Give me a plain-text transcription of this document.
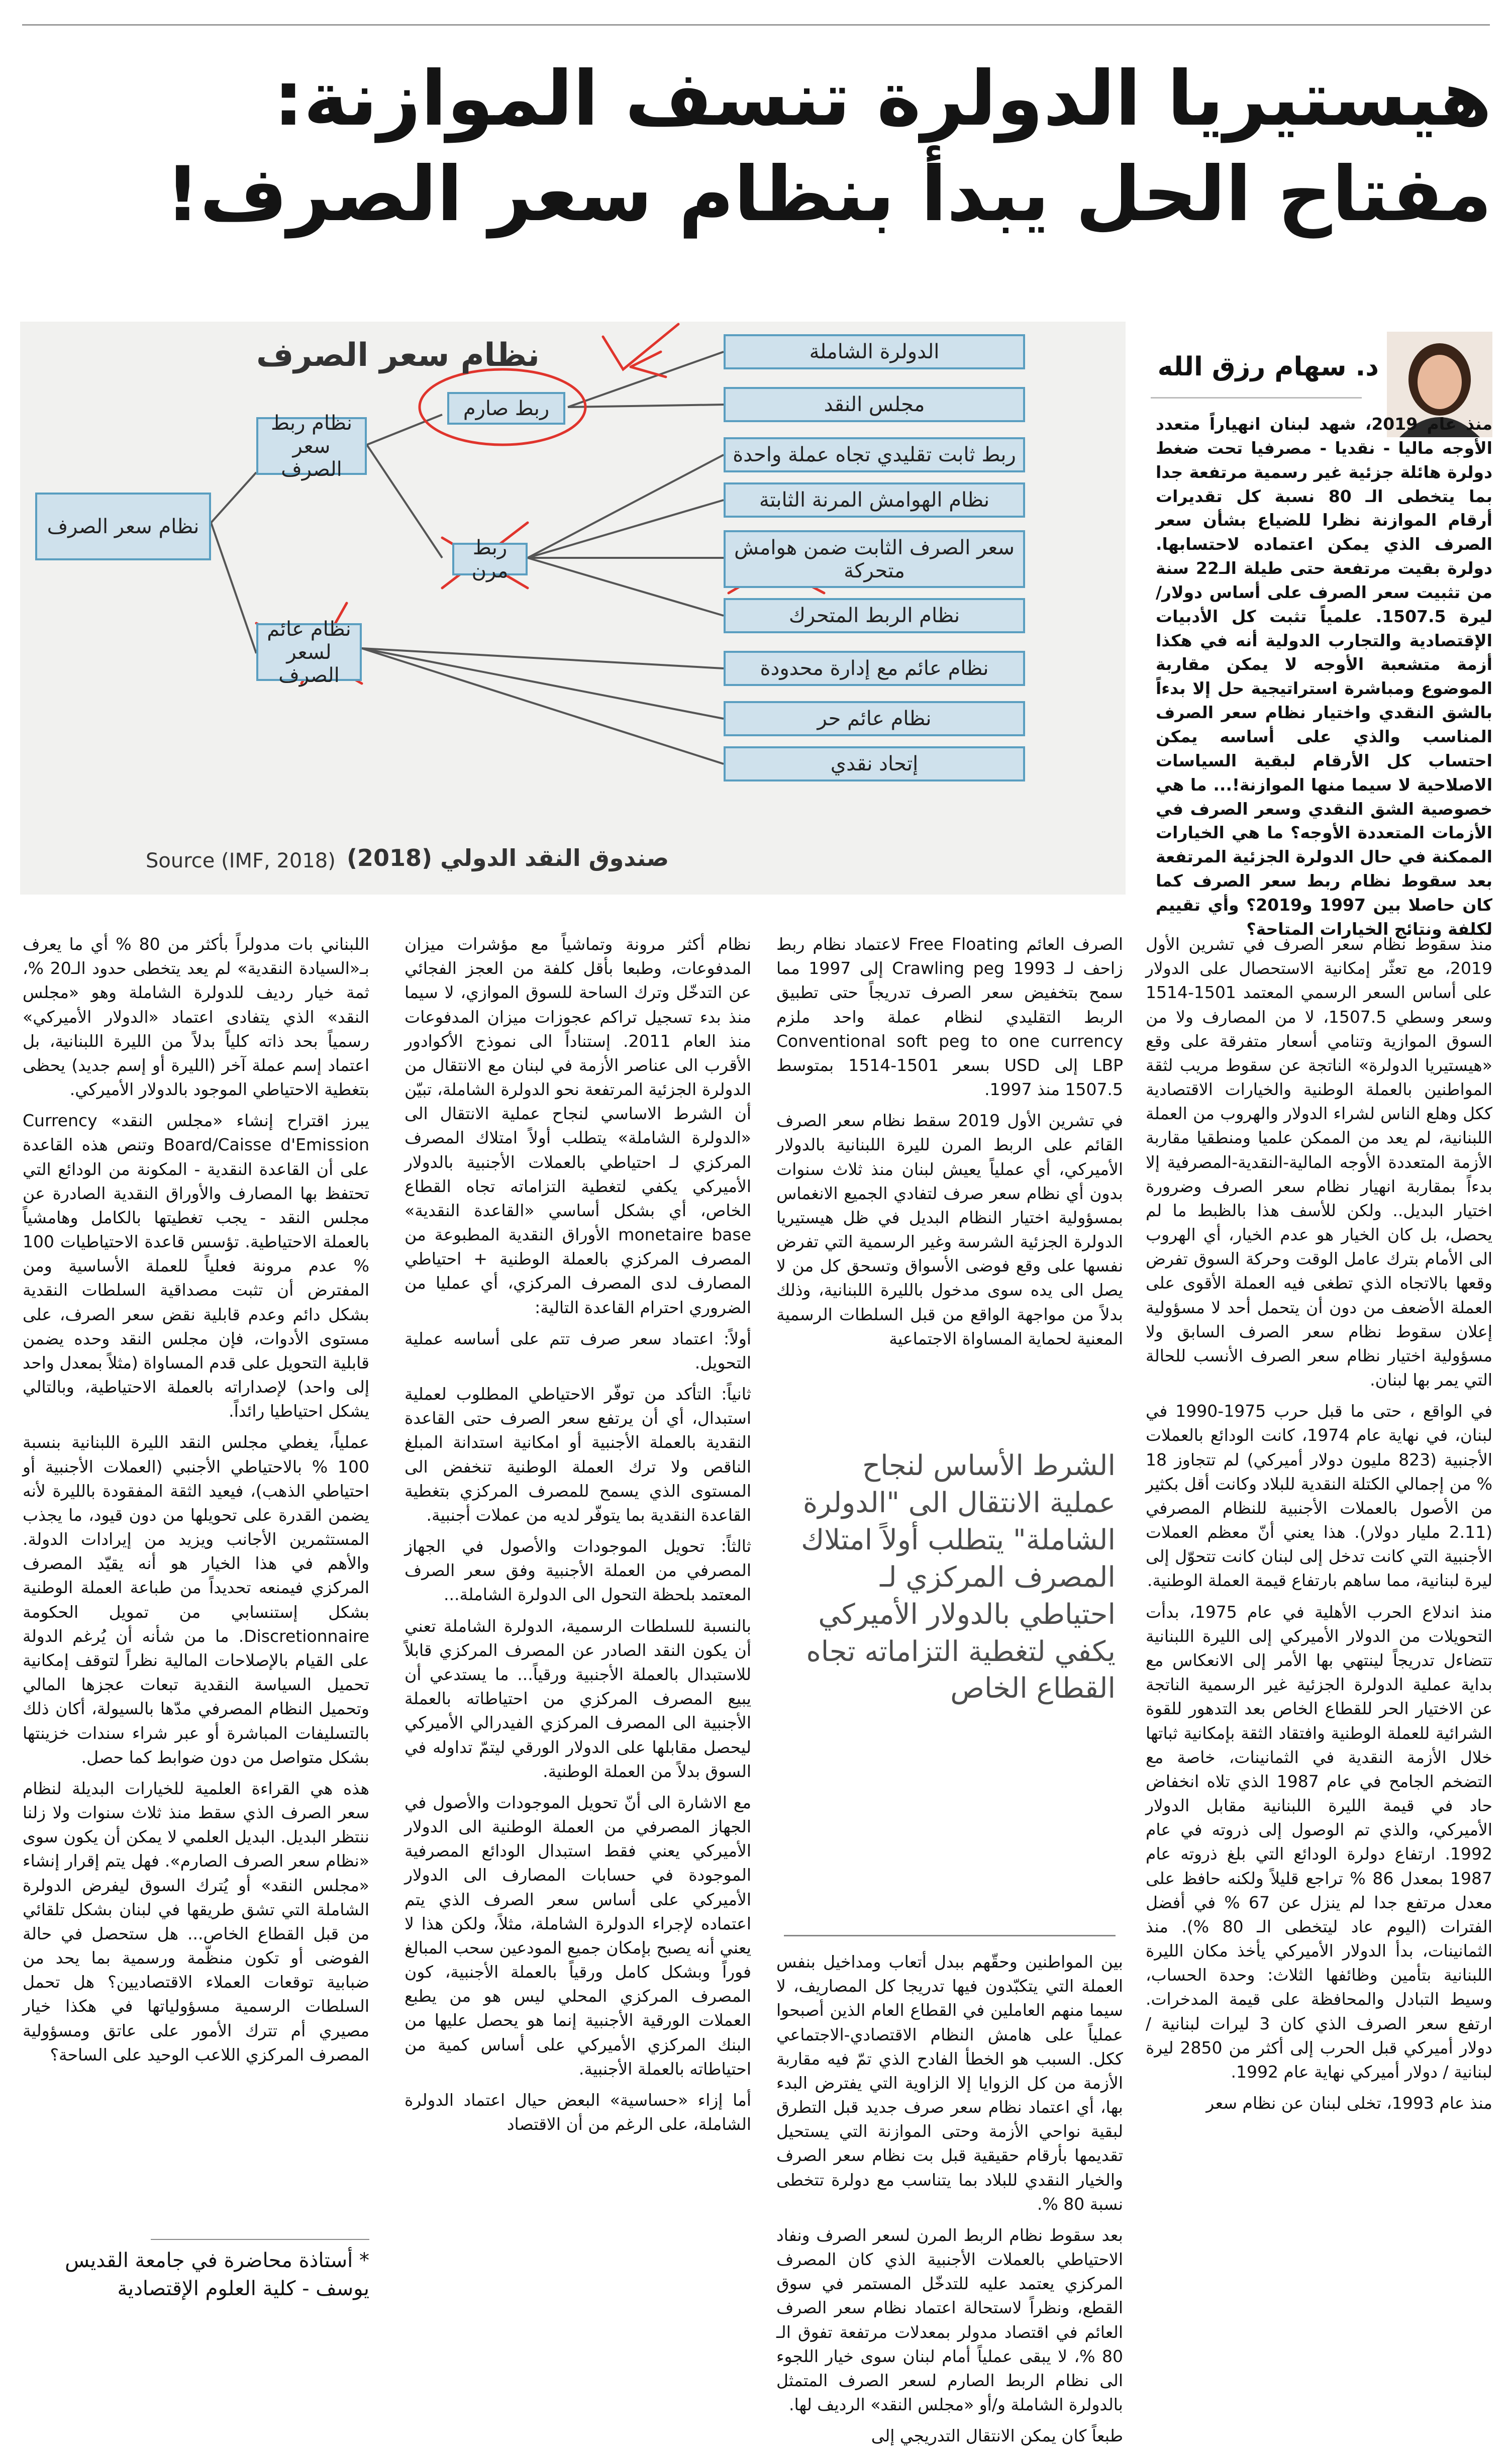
هيستيريا الدولرة تنسف الموازنة:
مفتاح الحل يبدأ بنظام سعر الصرف!
نظام سعر الصرف
نظام سعر الصرف
نظام ربط سعر الصرف
نظام عائم لسعر الصرف
ربط صارم
ربط مرن
الدولرة الشاملة
مجلس النقد
ربط ثابت تقليدي تجاه عملة واحدة
نظام الهوامش المرنة الثابتة
سعر الصرف الثابت ضمن هوامش متحركة
نظام الربط المتحرك
نظام عائم مع إدارة محدودة
نظام عائم حر
إتحاد نقدي
صندوق النقد الدولي (2018)
Source (IMF, 2018)
د. سهام رزق الله
منذ عام 2019، شهد لبنان انهياراً متعدد الأوجه ماليا - نقديا - مصرفيا تحت ضغط دولرة هائلة جزئية غير رسمية مرتفعة جدا بما يتخطى الـ 80 نسبة كل تقديرات أرقام الموازنة نظرا للضياع بشأن سعر الصرف الذي يمكن اعتماده لاحتسابها. دولرة بقيت مرتفعة حتى طيلة الـ22 سنة من تثبيت سعر الصرف على أساس دولار/ليرة 1507.5. علمياً تثبت كل الأدبيات الإقتصادية والتجارب الدولية أنه في هكذا أزمة متشعبة الأوجه لا يمكن مقاربة الموضوع ومباشرة استراتيجية حل إلا بدءاً بالشق النقدي واختيار نظام سعر الصرف المناسب والذي على أساسه يمكن احتساب كل الأرقام لبقية السياسات الاصلاحية لا سيما منها الموازنة!... ما هي خصوصية الشق النقدي وسعر الصرف في الأزمات المتعددة الأوجه؟ ما هي الخيارات الممكنة في حال الدولرة الجزئية المرتفعة بعد سقوط نظام ربط سعر الصرف كما كان حاصلا بين 1997 و2019؟ وأي تقييم لكلفة ونتائج الخيارات المتاحة؟

منذ سقوط نظام سعر الصرف في تشرين الأول 2019، مع تعثّر إمكانية الاستحصال على الدولار على أساس السعر الرسمي المعتمد 1501-1514 وسعر وسطي 1507.5، لا من المصارف ولا من السوق الموازية وتنامي أسعار متفرقة على وقع «هيستيريا الدولرة» الناتجة عن سقوط مريب لثقة المواطنين بالعملة الوطنية والخيارات الاقتصادية ككل وهلع الناس لشراء الدولار والهروب من العملة اللبنانية، لم يعد من الممكن علميا ومنطقيا مقاربة الأزمة المتعددة الأوجه المالية-النقدية-المصرفية إلا بدءاً بمقاربة انهيار نظام سعر الصرف وضرورة اختيار البديل.. ولكن للأسف هذا بالظبط ما لم يحصل، بل كان الخيار هو عدم الخيار، أي الهروب الى الأمام بترك عامل الوقت وحركة السوق تفرض وقعها بالاتجاه الذي تطغى فيه العملة الأقوى على العملة الأضعف من دون أن يتحمل أحد لا مسؤولية إعلان سقوط نظام سعر الصرف السابق ولا مسؤولية اختيار نظام سعر الصرف الأنسب للحالة التي يمر بها لبنان.

في الواقع ، حتى ما قبل حرب 1975-1990 في لبنان، في نهاية عام 1974، كانت الودائع بالعملات الأجنبية (823 مليون دولار أميركي) لم تتجاوز 18 % من إجمالي الكتلة النقدية للبلاد وكانت أقل بكثير من الأصول بالعملات الأجنبية للنظام المصرفي (2.11 مليار دولار). هذا يعني أنّ معظم العملات الأجنبية التي كانت تدخل إلى لبنان كانت تتحوّل إلى ليرة لبنانية، مما ساهم بارتفاع قيمة العملة الوطنية.

منذ اندلاع الحرب الأهلية في عام 1975، بدأت التحويلات من الدولار الأميركي إلى الليرة اللبنانية تتضاءل تدريجاً لينتهي بها الأمر إلى الانعكاس مع بداية عملية الدولرة الجزئية غير الرسمية الناتجة عن الاختيار الحر للقطاع الخاص بعد التدهور للقوة الشرائية للعملة الوطنية وافتقاد الثقة بإمكانية ثباتها خلال الأزمة النقدية في الثمانينات، خاصة مع التضخم الجامح في عام 1987 الذي تلاه انخفاض حاد في قيمة الليرة اللبنانية مقابل الدولار الأميركي، والذي تم الوصول إلى ذروته في عام 1992. ارتفاع دولرة الودائع التي بلغ ذروته عام 1987 بمعدل 86 % تراجع قليلاً ولكنه حافظ على معدل مرتفع جدا لم ينزل عن 67 % في أفضل الفترات (اليوم عاد ليتخطى الـ 80 %). منذ الثمانينات، بدأ الدولار الأميركي يأخذ مكان الليرة اللبنانية بتأمين وظائفها الثلاث: وحدة الحساب، وسيط التبادل والمحافظة على قيمة المدخرات. ارتفع سعر الصرف الذي كان 3 ليرات لبنانية / دولار أميركي قبل الحرب إلى أكثر من 2850 ليرة لبنانية / دولار أميركي نهاية عام 1992.

منذ عام 1993، تخلى لبنان عن نظام سعر

الصرف العائم Free Floating لاعتماد نظام ربط زاحف لـ Crawling peg 1993 إلى 1997 مما سمح بتخفيض سعر الصرف تدريجاً حتى تطبيق الربط التقليدي لنظام عملة واحد ملزم Conventional soft peg to one currency LBP إلى USD بسعر 1501-1514 بمتوسط 1507.5 منذ 1997.

في تشرين الأول 2019 سقط نظام سعر الصرف القائم على الربط المرن لليرة اللبنانية بالدولار الأميركي، أي عملياً يعيش لبنان منذ ثلاث سنوات بدون أي نظام سعر صرف لتفادي الجميع الانغماس بمسؤولية اختيار النظام البديل في ظل هيستيريا الدولرة الجزئية الشرسة وغير الرسمية التي تفرض نفسها على وقع فوضى الأسواق وتسحق كل من لا يصل الى يده سوى مدخول بالليرة اللبنانية، وذلك بدلاً من مواجهة الواقع من قبل السلطات الرسمية المعنية لحماية المساواة الاجتماعية

الشرط الأساس لنجاح عملية الانتقال الى "الدولرة الشاملة" يتطلب أولاً امتلاك المصرف المركزي لـ احتياطي بالدولار الأميركي يكفي لتغطية التزاماته تجاه القطاع الخاص

بين المواطنين وحقّهم ببدل أتعاب ومداخيل بنفس العملة التي يتكبّدون فيها تدريجا كل المصاريف، لا سيما منهم العاملين في القطاع العام الذين أصبحوا عملياً على هامش النظام الاقتصادي-الاجتماعي ككل. السبب هو الخطأ الفادح الذي تمّ فيه مقاربة الأزمة من كل الزوايا إلا الزاوية التي يفترض البدء بها، أي اعتماد نظام سعر صرف جديد قبل التطرق لبقية نواحي الأزمة وحتى الموازنة التي يستحيل تقديمها بأرقام حقيقية قبل بت نظام سعر الصرف والخيار النقدي للبلاد بما يتناسب مع دولرة تتخطى نسبة 80 %.

بعد سقوط نظام الربط المرن لسعر الصرف ونفاد الاحتياطي بالعملات الأجنبية الذي كان المصرف المركزي يعتمد عليه للتدخّل المستمر في سوق القطع، ونظراً لاستحالة اعتماد نظام سعر الصرف العائم في اقتصاد مدولر بمعدلات مرتفعة تفوق الـ 80 %، لا يبقى عملياً أمام لبنان سوى خيار اللجوء الى نظام الربط الصارم لسعر الصرف المتمثل بالدولرة الشاملة و/أو «مجلس النقد» الرديف لها.

طبعاً كان يمكن الانتقال التدريجي إلى

نظام أكثر مرونة وتماشياً مع مؤشرات ميزان المدفوعات، وطبعا بأقل كلفة من العجز الفجائي عن التدخّل وترك الساحة للسوق الموازي، لا سيما منذ بدء تسجيل تراكم عجوزات ميزان المدفوعات منذ العام 2011. إستناداً الى نموذج الأكوادور الأقرب الى عناصر الأزمة في لبنان مع الانتقال من الدولرة الجزئية المرتفعة نحو الدولرة الشاملة، تبيّن أن الشرط الاساسي لنجاح عملية الانتقال الى «الدولرة الشاملة» يتطلب أولاً امتلاك المصرف المركزي لـ احتياطي بالعملات الأجنبية بالدولار الأميركي يكفي لتغطية التزاماته تجاه القطاع الخاص، أي بشكل أساسي «القاعدة النقدية» monetaire base الأوراق النقدية المطبوعة من المصرف المركزي بالعملة الوطنية + احتياطي المصارف لدى المصرف المركزي، أي عمليا من الضروري احترام القاعدة التالية:

أولاً: اعتماد سعر صرف تتم على أساسه عملية التحويل.

ثانياً: التأكد من توفّر الاحتياطي المطلوب لعملية استبدال، أي أن يرتفع سعر الصرف حتى القاعدة النقدية بالعملة الأجنبية أو امكانية استدانة المبلغ الناقص ولا ترك العملة الوطنية تنخفض الى المستوى الذي يسمح للمصرف المركزي بتغطية القاعدة النقدية بما يتوفّر لديه من عملات أجنبية.

ثالثاً: تحويل الموجودات والأصول في الجهاز المصرفي من العملة الأجنبية وفق سعر الصرف المعتمد بلحظة التحول الى الدولرة الشاملة...

بالنسبة للسلطات الرسمية، الدولرة الشاملة تعني أن يكون النقد الصادر عن المصرف المركزي قابلاً للاستبدال بالعملة الأجنبية ورقياً... ما يستدعي أن يبيع المصرف المركزي من احتياطاته بالعملة الأجنبية الى المصرف المركزي الفيدرالي الأميركي ليحصل مقابلها على الدولار الورقي ليتمّ تداوله في السوق بدلاً من العملة الوطنية.

مع الاشارة الى أنّ تحويل الموجودات والأصول في الجهاز المصرفي من العملة الوطنية الى الدولار الأميركي يعني فقط استبدال الودائع المصرفية الموجودة في حسابات المصارف الى الدولار الأميركي على أساس سعر الصرف الذي يتم اعتماده لإجراء الدولرة الشاملة، مثلاً، ولكن هذا لا يعني أنه يصبح بإمكان جميع المودعين سحب المبالغ فوراً وبشكل كامل ورقياً بالعملة الأجنبية، كون المصرف المركزي المحلي ليس هو من يطبع العملات الورقية الأجنبية إنما هو يحصل عليها من البنك المركزي الأميركي على أساس كمية من احتياطاته بالعملة الأجنبية.

أما إزاء «حساسية» البعض حيال اعتماد الدولرة الشاملة، على الرغم من أن الاقتصاد

اللبناني بات مدولراً بأكثر من 80 % أي ما يعرف بـ«السيادة النقدية» لم يعد يتخطى حدود الـ20 %، ثمة خيار رديف للدولرة الشاملة وهو «مجلس النقد» الذي يتفادى اعتماد «الدولار الأميركي» رسمياً بحد ذاته كلياً بدلاً من الليرة اللبنانية، بل اعتماد إسم عملة آخر (الليرة أو إسم جديد) يحظى بتغطية الاحتياطي الموجود بالدولار الأميركي.

يبرز اقتراح إنشاء «مجلس النقد» Currency Board/Caisse d'Emission وتنص هذه القاعدة على أن القاعدة النقدية - المكونة من الودائع التي تحتفظ بها المصارف والأوراق النقدية الصادرة عن مجلس النقد - يجب تغطيتها بالكامل وهامشياً بالعملة الاحتياطية. تؤسس قاعدة الاحتياطيات 100 % عدم مرونة فعلياً للعملة الأساسية ومن المفترض أن تثبت مصداقية السلطات النقدية بشكل دائم وعدم قابلية نقض سعر الصرف، على مستوى الأدوات، فإن مجلس النقد وحده يضمن قابلية التحويل على قدم المساواة (مثلاً بمعدل واحد إلى واحد) لإصداراته بالعملة الاحتياطية، وبالتالي يشكل احتياطيا رائداً.

عملياً، يغطي مجلس النقد الليرة اللبنانية بنسبة 100 % بالاحتياطي الأجنبي (العملات الأجنبية أو احتياطي الذهب)، فيعيد الثقة المفقودة بالليرة لأنه يضمن القدرة على تحويلها من دون قيود، ما يجذب المستثمرين الأجانب ويزيد من إيرادات الدولة. والأهم في هذا الخيار هو أنه يقيّد المصرف المركزي فيمنعه تحديداً من طباعة العملة الوطنية بشكل إستنسابي من تمويل الحكومة Discretionnaire. ما من شأنه أن يُرغم الدولة على القيام بالإصلاحات المالية نظراً لتوقف إمكانية تحميل السياسة النقدية تبعات عجزها المالي وتحميل النظام المصرفي مدّها بالسيولة، أكان ذلك بالتسليفات المباشرة أو عبر شراء سندات خزينتها بشكل متواصل من دون ضوابط كما حصل.

هذه هي القراءة العلمية للخيارات البديلة لنظام سعر الصرف الذي سقط منذ ثلاث سنوات ولا زلنا ننتظر البديل. البديل العلمي لا يمكن أن يكون سوى «نظام سعر الصرف الصارم». فهل يتم إقرار إنشاء «مجلس النقد» أو يُترك السوق ليفرض الدولرة الشاملة التي تشق طريقها في لبنان بشكل تلقائي من قبل القطاع الخاص... هل ستحصل في حالة الفوضى أو تكون منظّمة ورسمية بما يحد من ضبابية توقعات العملاء الاقتصاديين؟ هل تحمل السلطات الرسمية مسؤولياتها في هكذا خيار مصيري أم تترك الأمور على عاتق ومسؤولية المصرف المركزي اللاعب الوحيد على الساحة؟

* أستاذة محاضرة في جامعة القديس يوسف - كلية العلوم الإقتصادية
